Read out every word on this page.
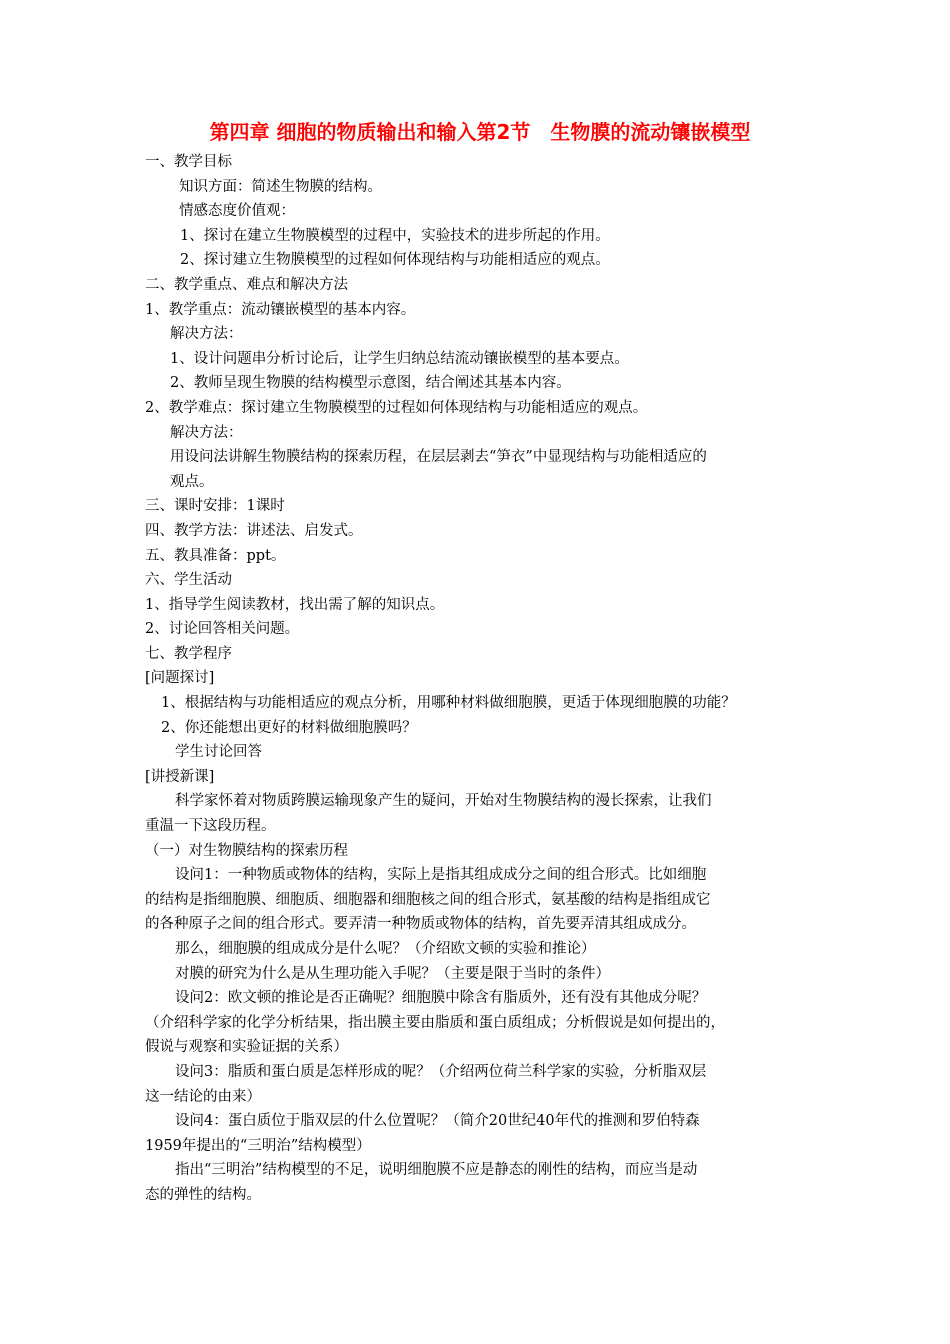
第四章 细胞的物质输出和输入第2节　生物膜的流动镶嵌模型
一、教学目标
知识方面：简述生物膜的结构。
情感态度价值观：
1、探讨在建立生物膜模型的过程中，实验技术的进步所起的作用。
2、探讨建立生物膜模型的过程如何体现结构与功能相适应的观点。
二、教学重点、难点和解决方法
1、教学重点：流动镶嵌模型的基本内容。
解决方法：
1、设计问题串分析讨论后，让学生归纳总结流动镶嵌模型的基本要点。
2、教师呈现生物膜的结构模型示意图，结合阐述其基本内容。
2、教学难点：探讨建立生物膜模型的过程如何体现结构与功能相适应的观点。
解决方法：
用设问法讲解生物膜结构的探索历程，在层层剥去“笋衣”中显现结构与功能相适应的
观点。
三、课时安排：1课时
四、教学方法：讲述法、启发式。
五、教具准备：ppt。
六、学生活动
1、指导学生阅读教材，找出需了解的知识点。
2、讨论回答相关问题。
七、教学程序
[问题探讨]
1、根据结构与功能相适应的观点分析，用哪种材料做细胞膜，更适于体现细胞膜的功能？
2、你还能想出更好的材料做细胞膜吗？
学生讨论回答
[讲授新课]
科学家怀着对物质跨膜运输现象产生的疑问，开始对生物膜结构的漫长探索，让我们
重温一下这段历程。
（一）对生物膜结构的探索历程
设问1：一种物质或物体的结构，实际上是指其组成成分之间的组合形式。比如细胞
的结构是指细胞膜、细胞质、细胞器和细胞核之间的组合形式，氨基酸的结构是指组成它
的各种原子之间的组合形式。要弄清一种物质或物体的结构，首先要弄清其组成成分。
那么，细胞膜的组成成分是什么呢？（介绍欧文顿的实验和推论）
对膜的研究为什么是从生理功能入手呢？（主要是限于当时的条件）
设问2：欧文顿的推论是否正确呢？细胞膜中除含有脂质外，还有没有其他成分呢？
（介绍科学家的化学分析结果，指出膜主要由脂质和蛋白质组成；分析假说是如何提出的，
假说与观察和实验证据的关系）
设问3：脂质和蛋白质是怎样形成的呢？（介绍两位荷兰科学家的实验，分析脂双层
这一结论的由来）
设问4：蛋白质位于脂双层的什么位置呢？（简介20世纪40年代的推测和罗伯特森
1959年提出的“三明治”结构模型）
指出“三明治”结构模型的不足，说明细胞膜不应是静态的刚性的结构，而应当是动
态的弹性的结构。
